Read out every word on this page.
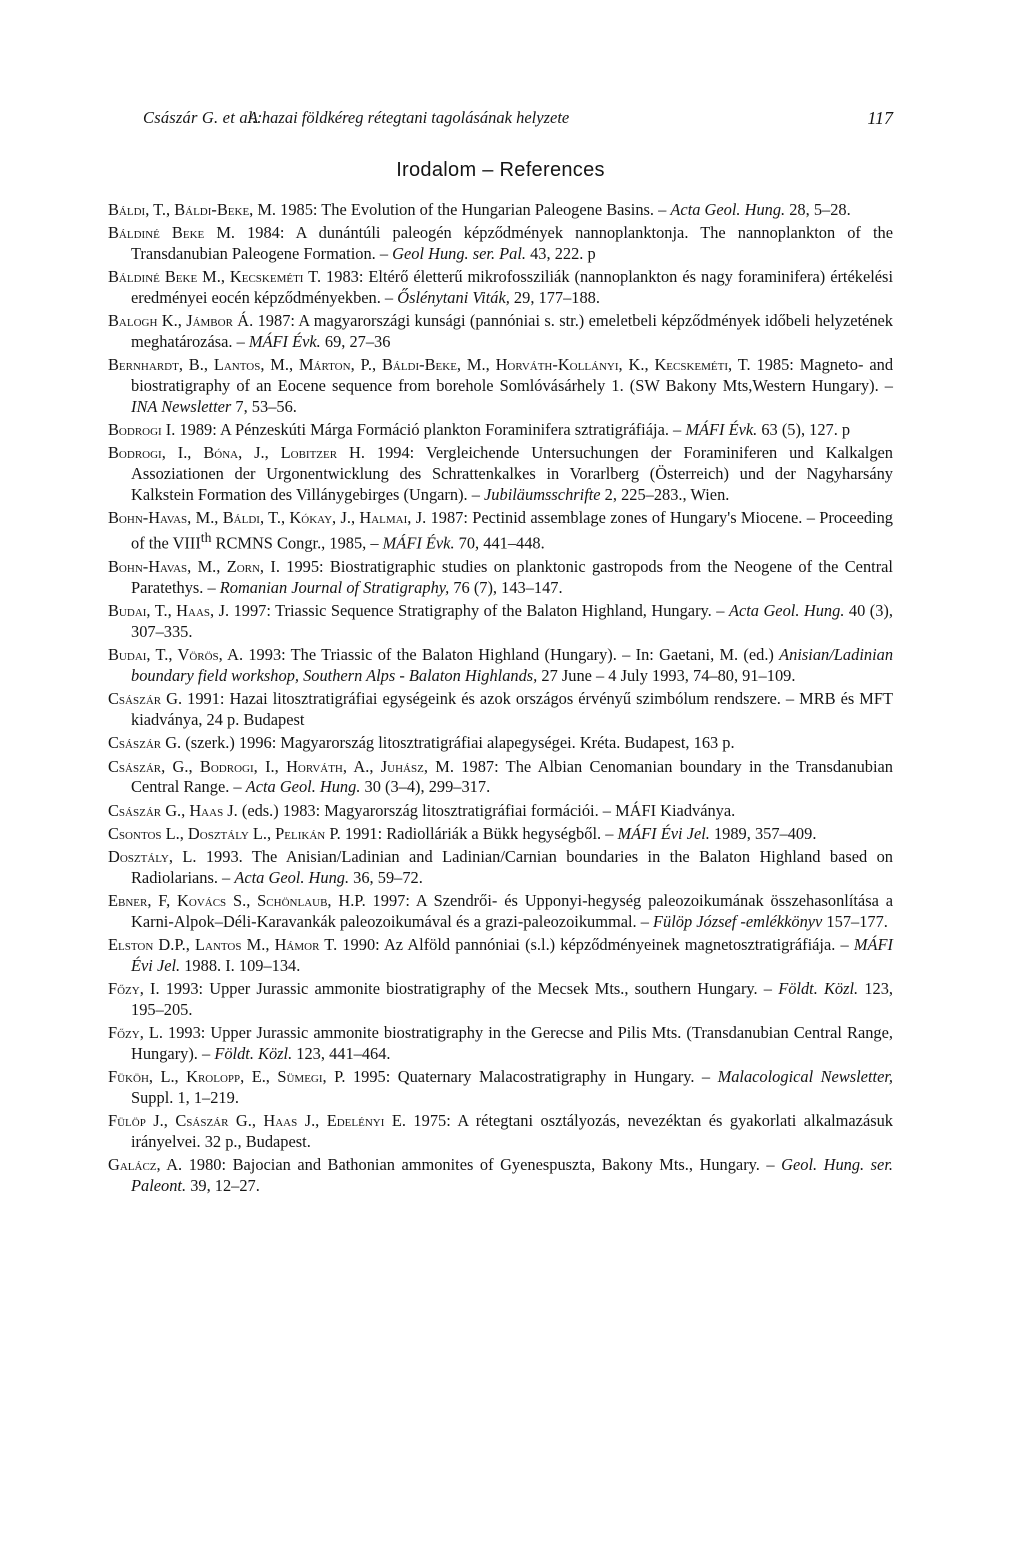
Császár G. et al.:
A hazai földkéreg rétegtani tagolásának helyzete	117
Irodalom – References
Báldi, T., Báldi-Beke, M. 1985: The Evolution of the Hungarian Paleogene Basins. – Acta Geol. Hung. 28, 5–28.
Báldiné Beke M. 1984: A dunántúli paleogén képződmények nannoplanktonja. The nannoplankton of the Transdanubian Paleogene Formation. – Geol Hung. ser. Pal. 43, 222. p
Báldiné Beke M., Kecskeméti T. 1983: Eltérő életterű mikrofossziliák (nannoplankton és nagy foraminifera) értékelési eredményei eocén képződményekben. – Őslénytani Viták, 29, 177–188.
Balogh K., Jámbor Á. 1987: A magyarországi kunsági (pannóniai s. str.) emeletbeli képződmények időbeli helyzetének meghatározása. – MÁFI Évk. 69, 27–36
Bernhardt, B., Lantos, M., Márton, P., Báldi-Beke, M., Horváth-Kollányi, K., Kecskeméti, T. 1985: Magneto- and biostratigraphy of an Eocene sequence from borehole Somlóvásárhely 1. (SW Bakony Mts,Western Hungary). – INA Newsletter 7, 53–56.
Bodrogi I. 1989: A Pénzeskúti Márga Formáció plankton Foraminifera sztratigráfiája. – MÁFI Évk. 63 (5), 127. p
Bodrogi, I., Bóna, J., Lobitzer H. 1994: Vergleichende Untersuchungen der Foraminiferen und Kalkalgen Assoziationen der Urgonentwicklung des Schrattenkalkes in Vorarlberg (Österreich) und der Nagyharsány Kalkstein Formation des Villánygebirges (Ungarn). – Jubiläumsschrifte 2, 225–283., Wien.
Bohn-Havas, M., Báldi, T., Kókay, J., Halmai, J. 1987: Pectinid assemblage zones of Hungary's Miocene. – Proceeding of the VIIIth RCMNS Congr., 1985, – MÁFI Évk. 70, 441–448.
Bohn-Havas, M., Zorn, I. 1995: Biostratigraphic studies on planktonic gastropods from the Neogene of the Central Paratethys. – Romanian Journal of Stratigraphy, 76 (7), 143–147.
Budai, T., Haas, J. 1997: Triassic Sequence Stratigraphy of the Balaton Highland, Hungary. – Acta Geol. Hung. 40 (3), 307–335.
Budai, T., Vörös, A. 1993: The Triassic of the Balaton Highland (Hungary). – In: Gaetani, M. (ed.) Anisian/Ladinian boundary field workshop, Southern Alps - Balaton Highlands, 27 June – 4 July 1993, 74–80, 91–109.
Császár G. 1991: Hazai litosztratigráfiai egységeink és azok országos érvényű szimbólum rendszere. – MRB és MFT kiadványa, 24 p. Budapest
Császár G. (szerk.) 1996: Magyarország litosztratigráfiai alapegységei. Kréta. Budapest, 163 p.
Császár, G., Bodrogi, I., Horváth, A., Juhász, M. 1987: The Albian Cenomanian boundary in the Transdanubian Central Range. – Acta Geol. Hung. 30 (3–4), 299–317.
Császár G., Haas J. (eds.) 1983: Magyarország litosztratigráfiai formációi. – MÁFI Kiadványa.
Csontos L., Dosztály L., Pelikán P. 1991: Radiolláriák a Bükk hegységből. – MÁFI Évi Jel. 1989, 357–409.
Dosztály, L. 1993. The Anisian/Ladinian and Ladinian/Carnian boundaries in the Balaton Highland based on Radiolarians. – Acta Geol. Hung. 36, 59–72.
Ebner, F, Kovács S., Schönlaub, H.P. 1997: A Szendrői- és Upponyi-hegység paleozoikumának összehasonlítása a Karni-Alpok–Déli-Karavankák paleozoikumával és a grazi-paleozoikummal. – Fülöp József -emlékkönyv 157–177.
Elston D.P., Lantos M., Hámor T. 1990: Az Alföld pannóniai (s.l.) képződményeinek magnetosztratigráfiája. – MÁFI Évi Jel. 1988. I. 109–134.
Főzy, I. 1993: Upper Jurassic ammonite biostratigraphy of the Mecsek Mts., southern Hungary. – Földt. Közl. 123, 195–205.
Főzy, L. 1993: Upper Jurassic ammonite biostratigraphy in the Gerecse and Pilis Mts. (Transdanubian Central Range, Hungary). – Földt. Közl. 123, 441–464.
Füköh, L., Krolopp, E., Sümegi, P. 1995: Quaternary Malacostratigraphy in Hungary. – Malacological Newsletter, Suppl. 1, 1–219.
Fülöp J., Császár G., Haas J., Edelényi E. 1975: A rétegtani osztályozás, nevezéktan és gyakorlati alkalmazásuk irányelvei. 32 p., Budapest.
Galácz, A. 1980: Bajocian and Bathonian ammonites of Gyenespuszta, Bakony Mts., Hungary. – Geol. Hung. ser. Paleont. 39, 12–27.
